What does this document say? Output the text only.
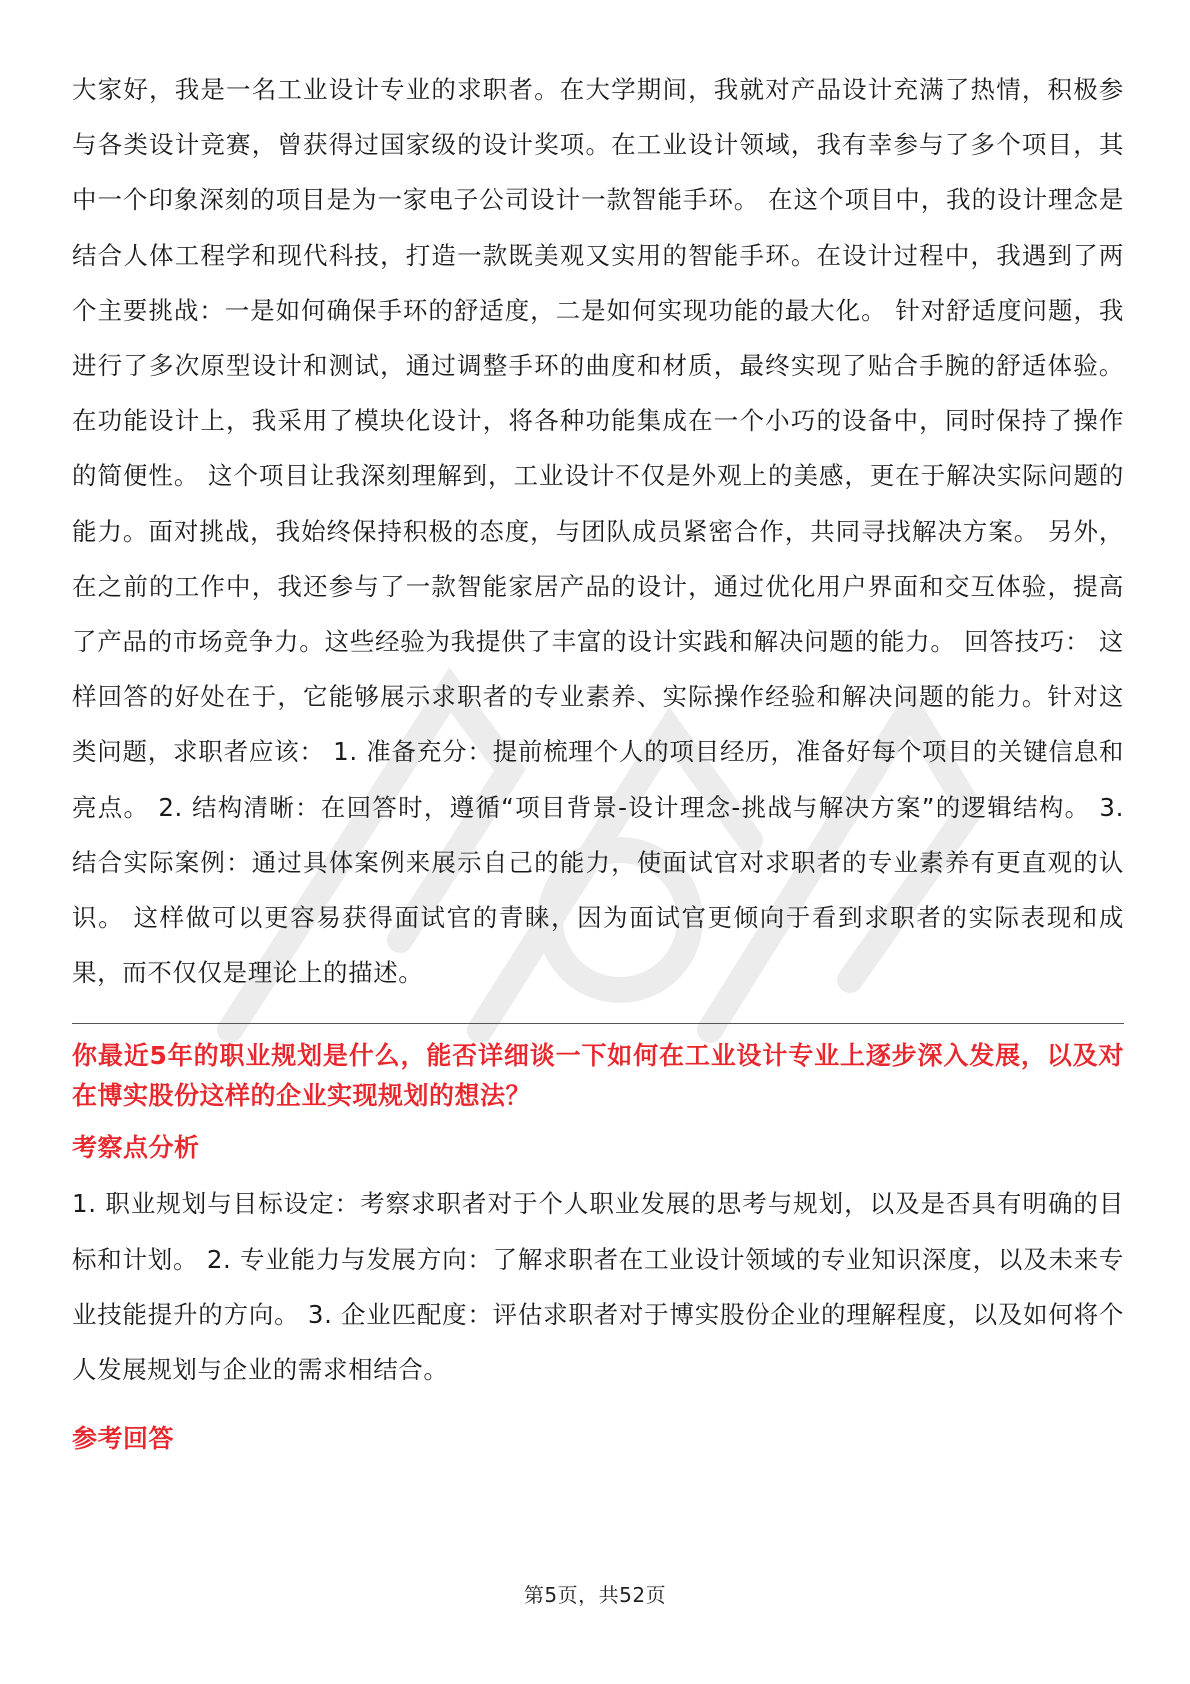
大家好，我是一名工业设计专业的求职者。在大学期间，我就对产品设计充满了热情，积极参与各类设计竞赛，曾获得过国家级的设计奖项。在工业设计领域，我有幸参与了多个项目，其中一个印象深刻的项目是为一家电子公司设计一款智能手环。 在这个项目中，我的设计理念是结合人体工程学和现代科技，打造一款既美观又实用的智能手环。在设计过程中，我遇到了两个主要挑战：一是如何确保手环的舒适度，二是如何实现功能的最大化。 针对舒适度问题，我进行了多次原型设计和测试，通过调整手环的曲度和材质，最终实现了贴合手腕的舒适体验。在功能设计上，我采用了模块化设计，将各种功能集成在一个小巧的设备中，同时保持了操作的简便性。 这个项目让我深刻理解到，工业设计不仅是外观上的美感，更在于解决实际问题的能力。面对挑战，我始终保持积极的态度，与团队成员紧密合作，共同寻找解决方案。 另外，在之前的工作中，我还参与了一款智能家居产品的设计，通过优化用户界面和交互体验，提高了产品的市场竞争力。这些经验为我提供了丰富的设计实践和解决问题的能力。 回答技巧： 这样回答的好处在于，它能够展示求职者的专业素养、实际操作经验和解决问题的能力。针对这类问题，求职者应该： 1. 准备充分：提前梳理个人的项目经历，准备好每个项目的关键信息和亮点。 2. 结构清晰：在回答时，遵循“项目背景-设计理念-挑战与解决方案”的逻辑结构。 3. 结合实际案例：通过具体案例来展示自己的能力，使面试官对求职者的专业素养有更直观的认识。 这样做可以更容易获得面试官的青睐，因为面试官更倾向于看到求职者的实际表现和成果，而不仅仅是理论上的描述。

你最近5年的职业规划是什么，能否详细谈一下如何在工业设计专业上逐步深入发展，以及对在博实股份这样的企业实现规划的想法？

考察点分析

1. 职业规划与目标设定：考察求职者对于个人职业发展的思考与规划，以及是否具有明确的目标和计划。 2. 专业能力与发展方向：了解求职者在工业设计领域的专业知识深度，以及未来专业技能提升的方向。 3. 企业匹配度：评估求职者对于博实股份企业的理解程度，以及如何将个人发展规划与企业的需求相结合。

参考回答
第5页，共52页
